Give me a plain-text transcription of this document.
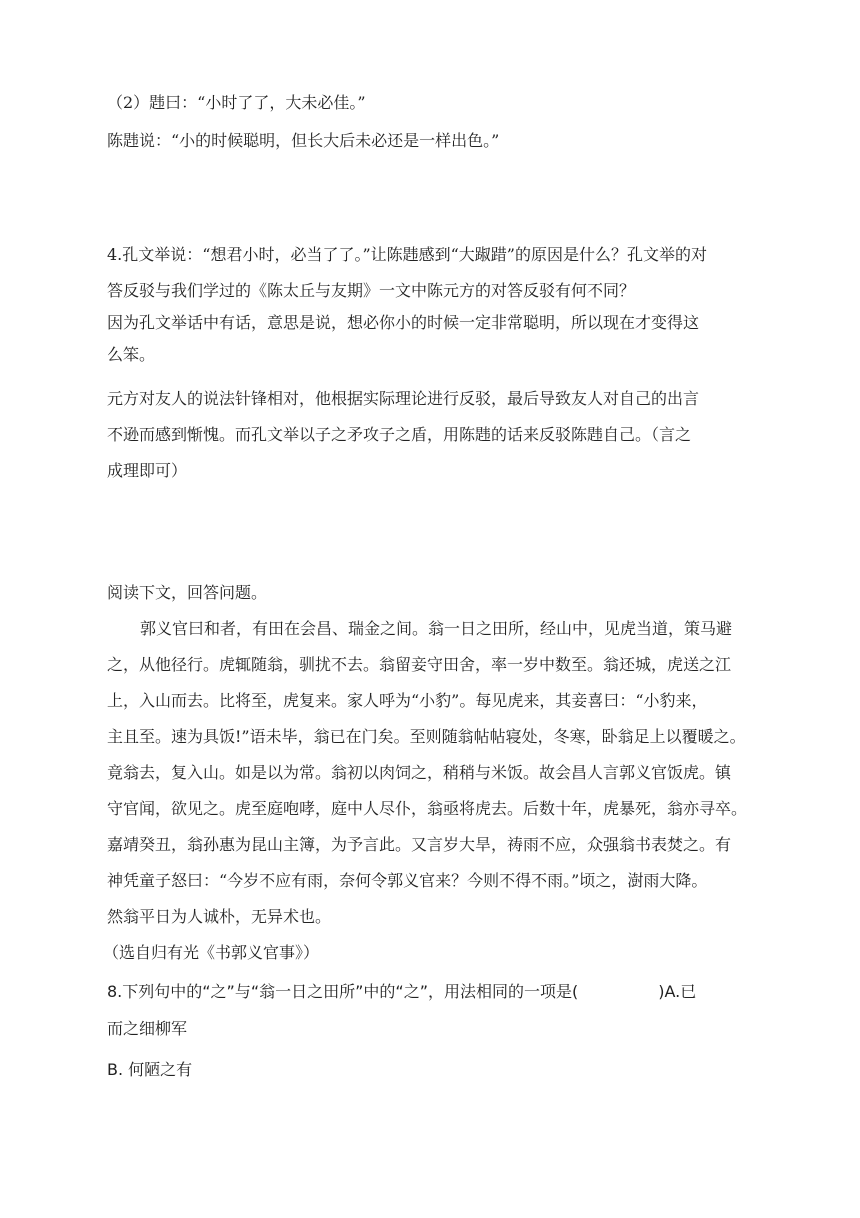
（2）韪曰：“小时了了，大未必佳。”
陈韪说：“小的时候聪明，但长大后未必还是一样出色。”
4.孔文举说：“想君小时，必当了了。”让陈韪感到“大踧踖”的原因是什么？孔文举的对
答反驳与我们学过的《陈太丘与友期》一文中陈元方的对答反驳有何不同？
因为孔文举话中有话，意思是说，想必你小的时候一定非常聪明，所以现在才变得这
么笨。
元方对友人的说法针锋相对，他根据实际理论进行反驳，最后导致友人对自己的出言
不逊而感到惭愧。而孔文举以子之矛攻子之盾，用陈韪的话来反驳陈韪自己。（言之
成理即可）
阅读下文，回答问题。
郭义官曰和者，有田在会昌、瑞金之间。翁一日之田所，经山中，见虎当道，策马避
之，从他径行。虎辄随翁，驯扰不去。翁留妾守田舍，率一岁中数至。翁还城，虎送之江
上，入山而去。比将至，虎复来。家人呼为“小豹”。每见虎来，其妾喜曰：“小豹来，
主且至。速为具饭!”语未毕，翁已在门矣。至则随翁帖帖寝处，冬寒，卧翁足上以覆暖之。
竟翁去，复入山。如是以为常。翁初以肉饲之，稍稍与米饭。故会昌人言郭义官饭虎。镇
守官闻，欲见之。虎至庭咆哮，庭中人尽仆，翁亟将虎去。后数十年，虎暴死，翁亦寻卒。
嘉靖癸丑，翁孙惠为昆山主簿，为予言此。又言岁大旱，祷雨不应，众强翁书表焚之。有
神凭童子怒曰：“今岁不应有雨，奈何令郭义官来？今则不得不雨。”顷之，澍雨大降。
然翁平日为人诚朴，无异术也。
（选自归有光《书郭义官事》）
8.下列句中的“之”与“翁一日之田所”中的“之”，用法相同的一项是(　　　　　)A.已
而之细柳军
B. 何陋之有
